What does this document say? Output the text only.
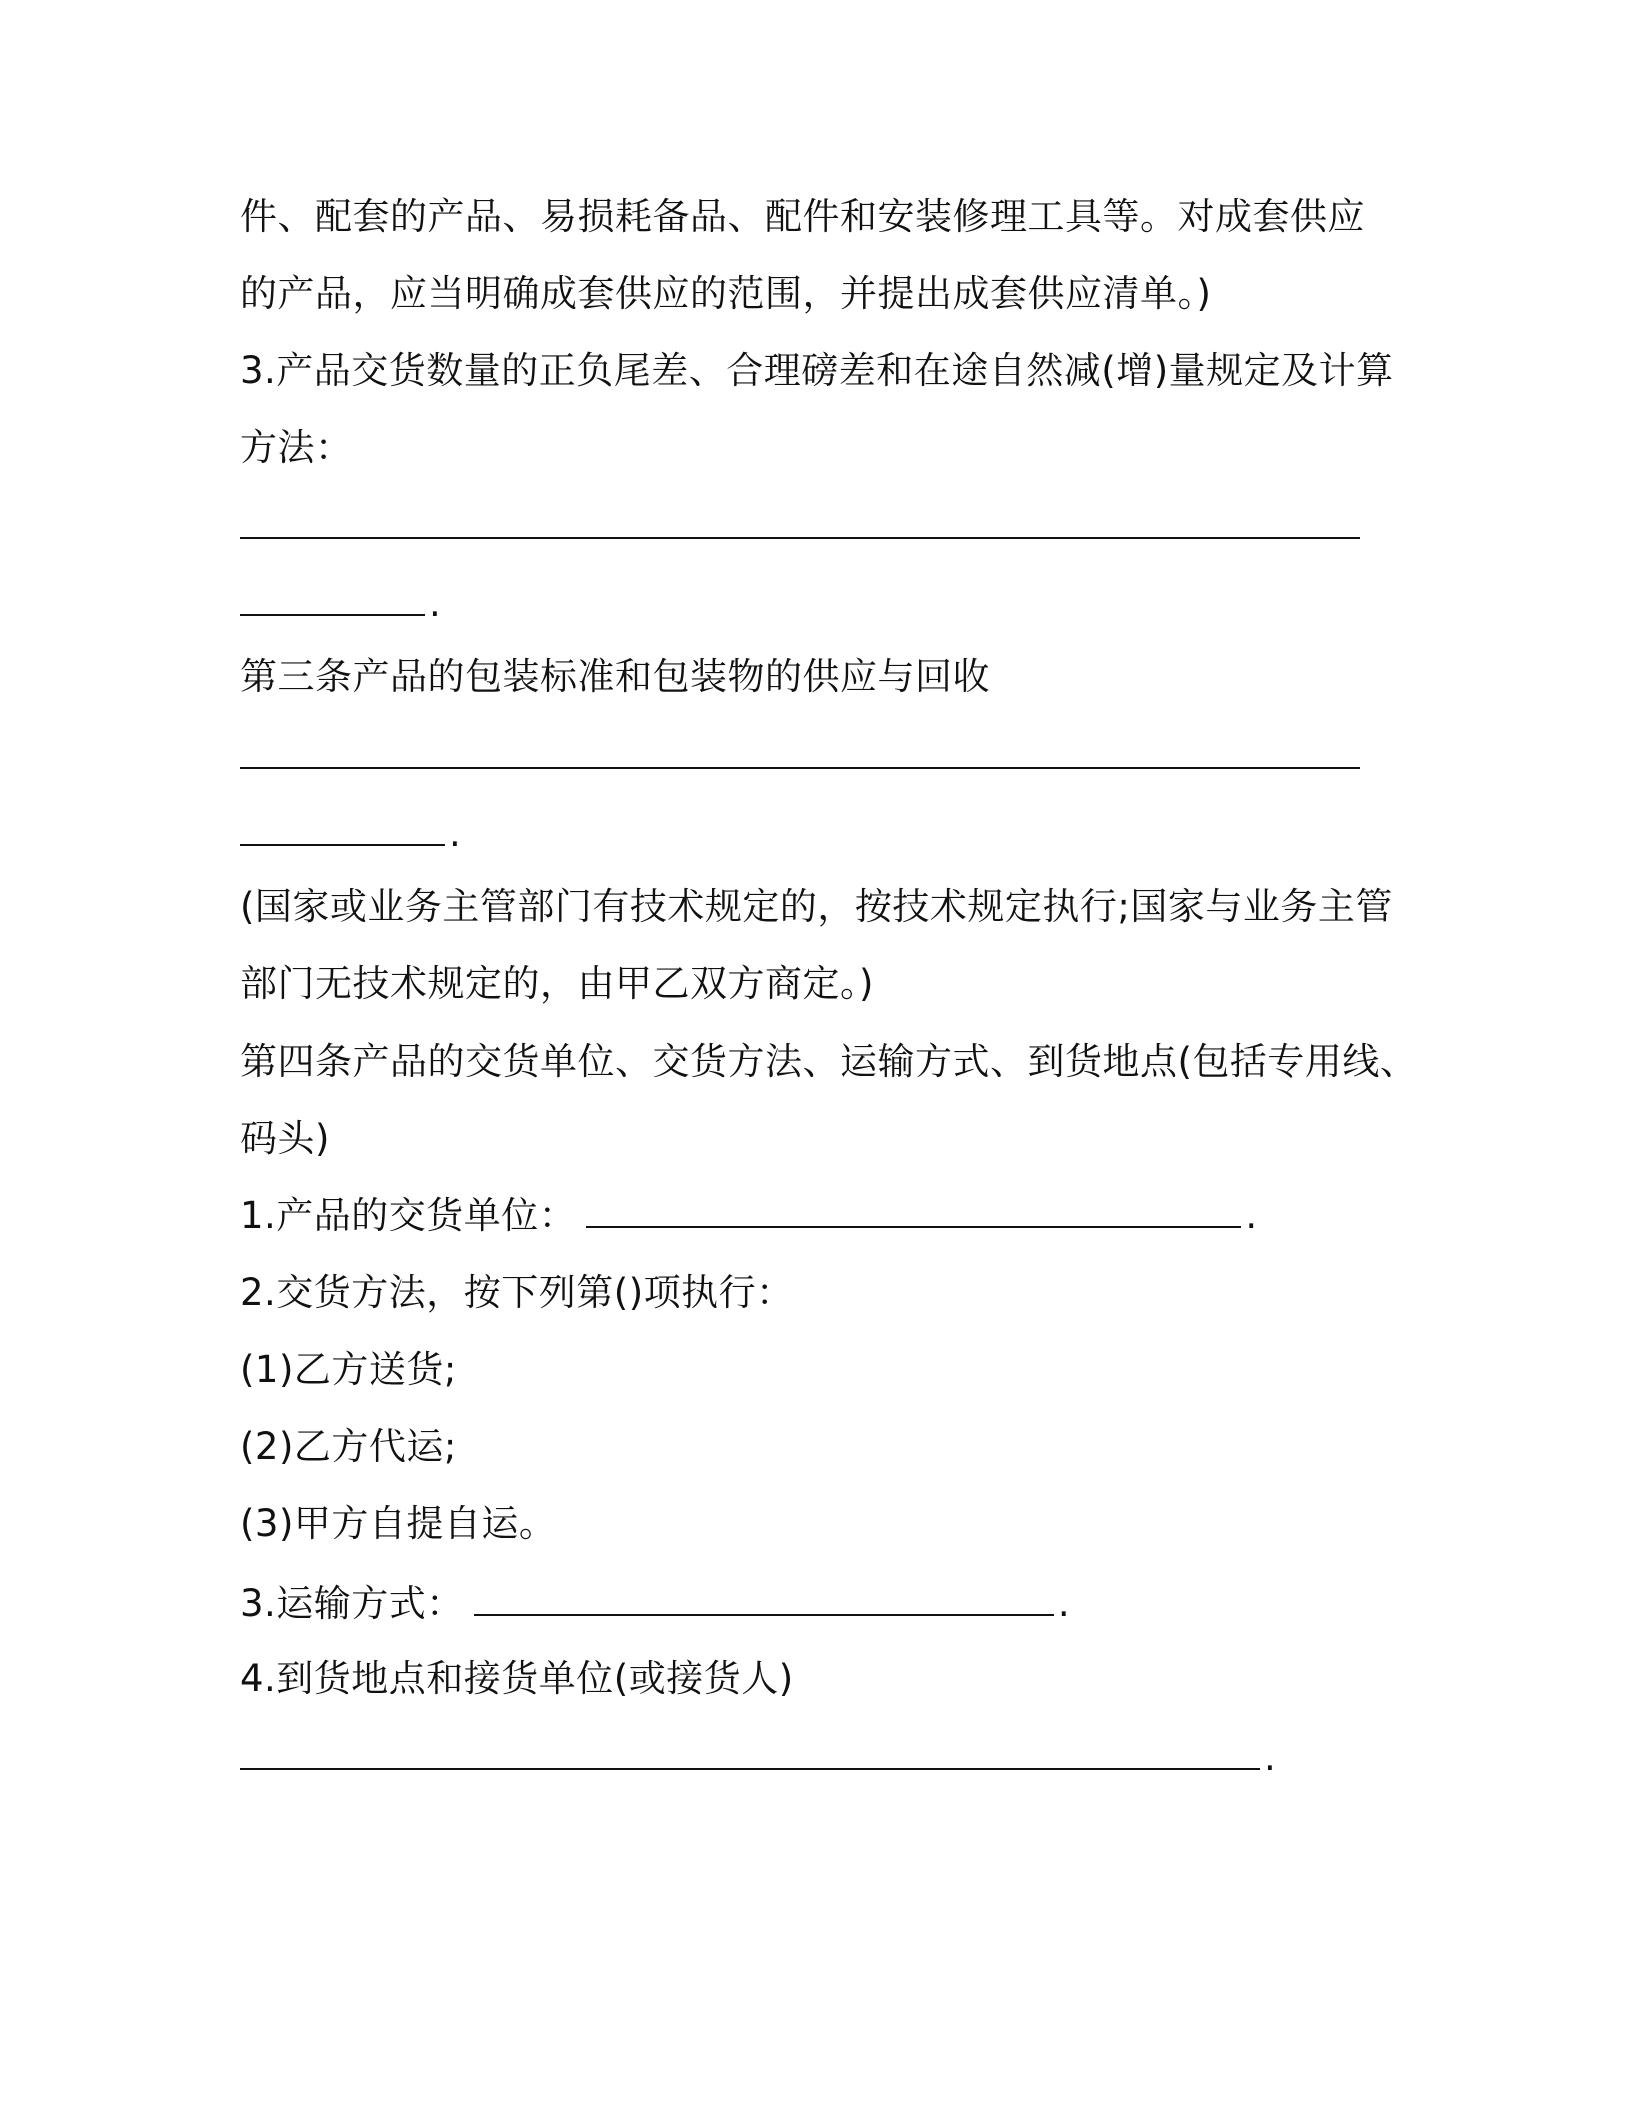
件、配套的产品、易损耗备品、配件和安装修理工具等。对成套供应
的产品，应当明确成套供应的范围，并提出成套供应清单。)
3.产品交货数量的正负尾差、合理磅差和在途自然减(增)量规定及计算
方法：
.
第三条产品的包装标准和包装物的供应与回收
.
(国家或业务主管部门有技术规定的，按技术规定执行;国家与业务主管
部门无技术规定的，由甲乙双方商定。)
第四条产品的交货单位、交货方法、运输方式、到货地点(包括专用线、
码头)
1.产品的交货单位：	.
2.交货方法，按下列第()项执行：
(1)乙方送货;
(2)乙方代运;
(3)甲方自提自运。
3.运输方式：	.
4.到货地点和接货单位(或接货人)
.
